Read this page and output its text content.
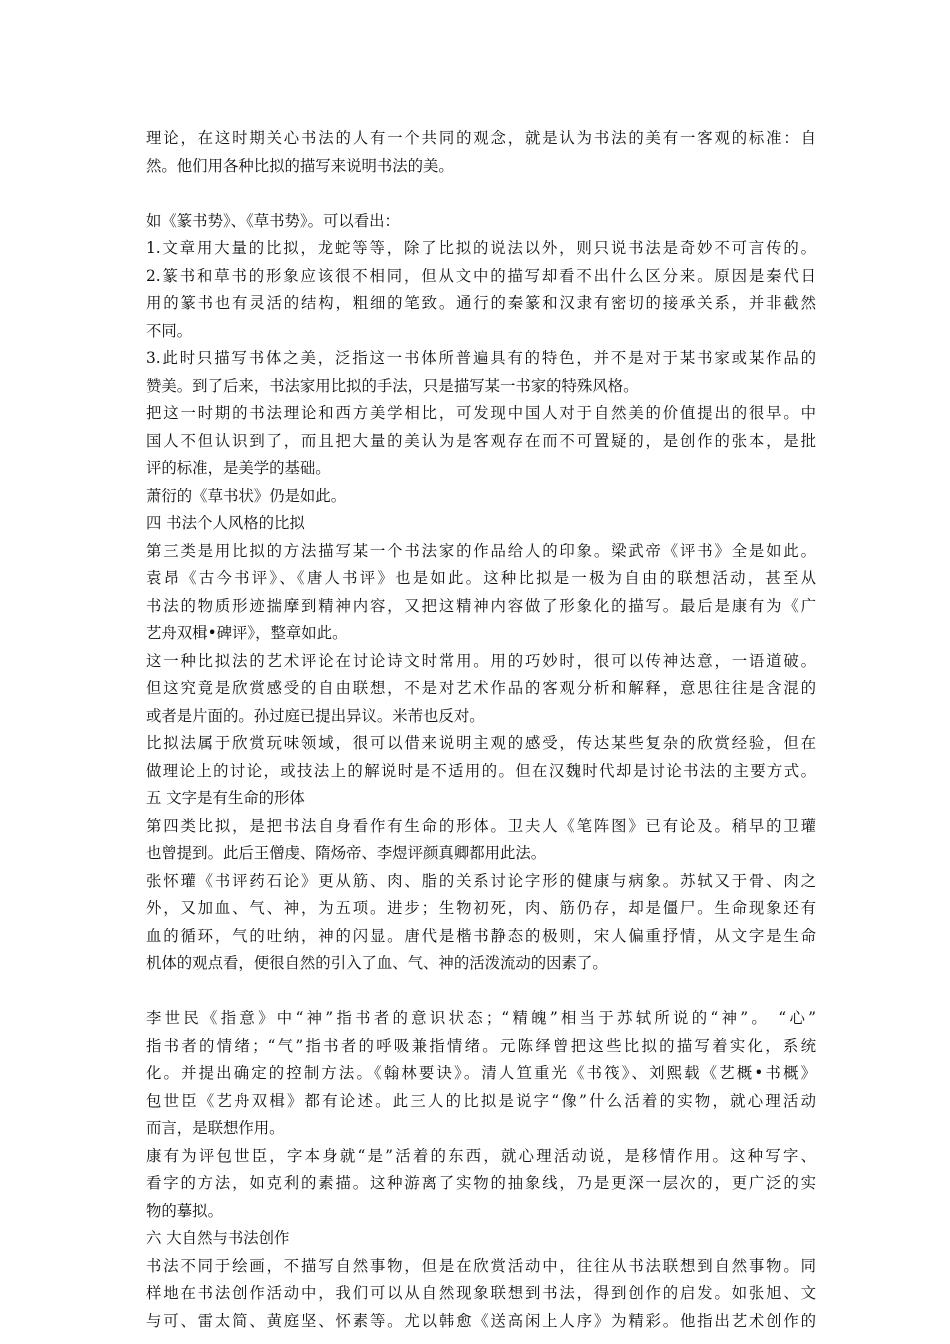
理论，在这时期关心书法的人有一个共同的观念，就是认为书法的美有一客观的标准：自
然。他们用各种比拟的描写来说明书法的美。
如《篆书势》、《草书势》。可以看出：
1.文章用大量的比拟，龙蛇等等，除了比拟的说法以外，则只说书法是奇妙不可言传的。
2.篆书和草书的形象应该很不相同，但从文中的描写却看不出什么区分来。原因是秦代日
用的篆书也有灵活的结构，粗细的笔致。通行的秦篆和汉隶有密切的接承关系，并非截然
不同。
3.此时只描写书体之美，泛指这一书体所普遍具有的特色，并不是对于某书家或某作品的
赞美。到了后来，书法家用比拟的手法，只是描写某一书家的特殊风格。
把这一时期的书法理论和西方美学相比，可发现中国人对于自然美的价值提出的很早。中
国人不但认识到了，而且把大量的美认为是客观存在而不可置疑的，是创作的张本，是批
评的标准，是美学的基础。
萧衍的《草书状》仍是如此。
四 书法个人风格的比拟
第三类是用比拟的方法描写某一个书法家的作品给人的印象。梁武帝《评书》全是如此。
袁昂《古今书评》、《唐人书评》也是如此。这种比拟是一极为自由的联想活动，甚至从
书法的物质形迹揣摩到精神内容，又把这精神内容做了形象化的描写。最后是康有为《广
艺舟双楫•碑评》，整章如此。
这一种比拟法的艺术评论在讨论诗文时常用。用的巧妙时，很可以传神达意，一语道破。
但这究竟是欣赏感受的自由联想，不是对艺术作品的客观分析和解释，意思往往是含混的
或者是片面的。孙过庭已提出异议。米芾也反对。
比拟法属于欣赏玩味领域，很可以借来说明主观的感受，传达某些复杂的欣赏经验，但在
做理论上的讨论，或技法上的解说时是不适用的。但在汉魏时代却是讨论书法的主要方式。
五 文字是有生命的形体
第四类比拟，是把书法自身看作有生命的形体。卫夫人《笔阵图》已有论及。稍早的卫瓘
也曾提到。此后王僧虔、隋炀帝、李煜评颜真卿都用此法。
张怀瓘《书评药石论》更从筋、肉、脂的关系讨论字形的健康与病象。苏轼又于骨、肉之
外，又加血、气、神，为五项。进步；生物初死，肉、筋仍存，却是僵尸。生命现象还有
血的循环，气的吐纳，神的闪显。唐代是楷书静态的极则，宋人偏重抒情，从文字是生命
机体的观点看，便很自然的引入了血、气、神的活泼流动的因素了。
李世民《指意》中“神”指书者的意识状态；“精魄”相当于苏轼所说的“神”。 “心”
指书者的情绪；“气”指书者的呼吸兼指情绪。元陈绎曾把这些比拟的描写着实化，系统
化。并提出确定的控制方法。《翰林要诀》。清人笪重光《书筏》、刘熙载《艺概•书概》
包世臣《艺舟双楫》都有论述。此三人的比拟是说字“像”什么活着的实物，就心理活动
而言，是联想作用。
康有为评包世臣，字本身就“是”活着的东西，就心理活动说，是移情作用。这种写字、
看字的方法，如克利的素描。这种游离了实物的抽象线，乃是更深一层次的，更广泛的实
物的摹拟。
六 大自然与书法创作
书法不同于绘画，不描写自然事物，但是在欣赏活动中，往往从书法联想到自然事物。同
样地在书法创作活动中，我们可以从自然现象联想到书法，得到创作的启发。如张旭、文
与可、雷太简、黄庭坚、怀素等。尤以韩愈《送高闲上人序》为精彩。他指出艺术创作的
